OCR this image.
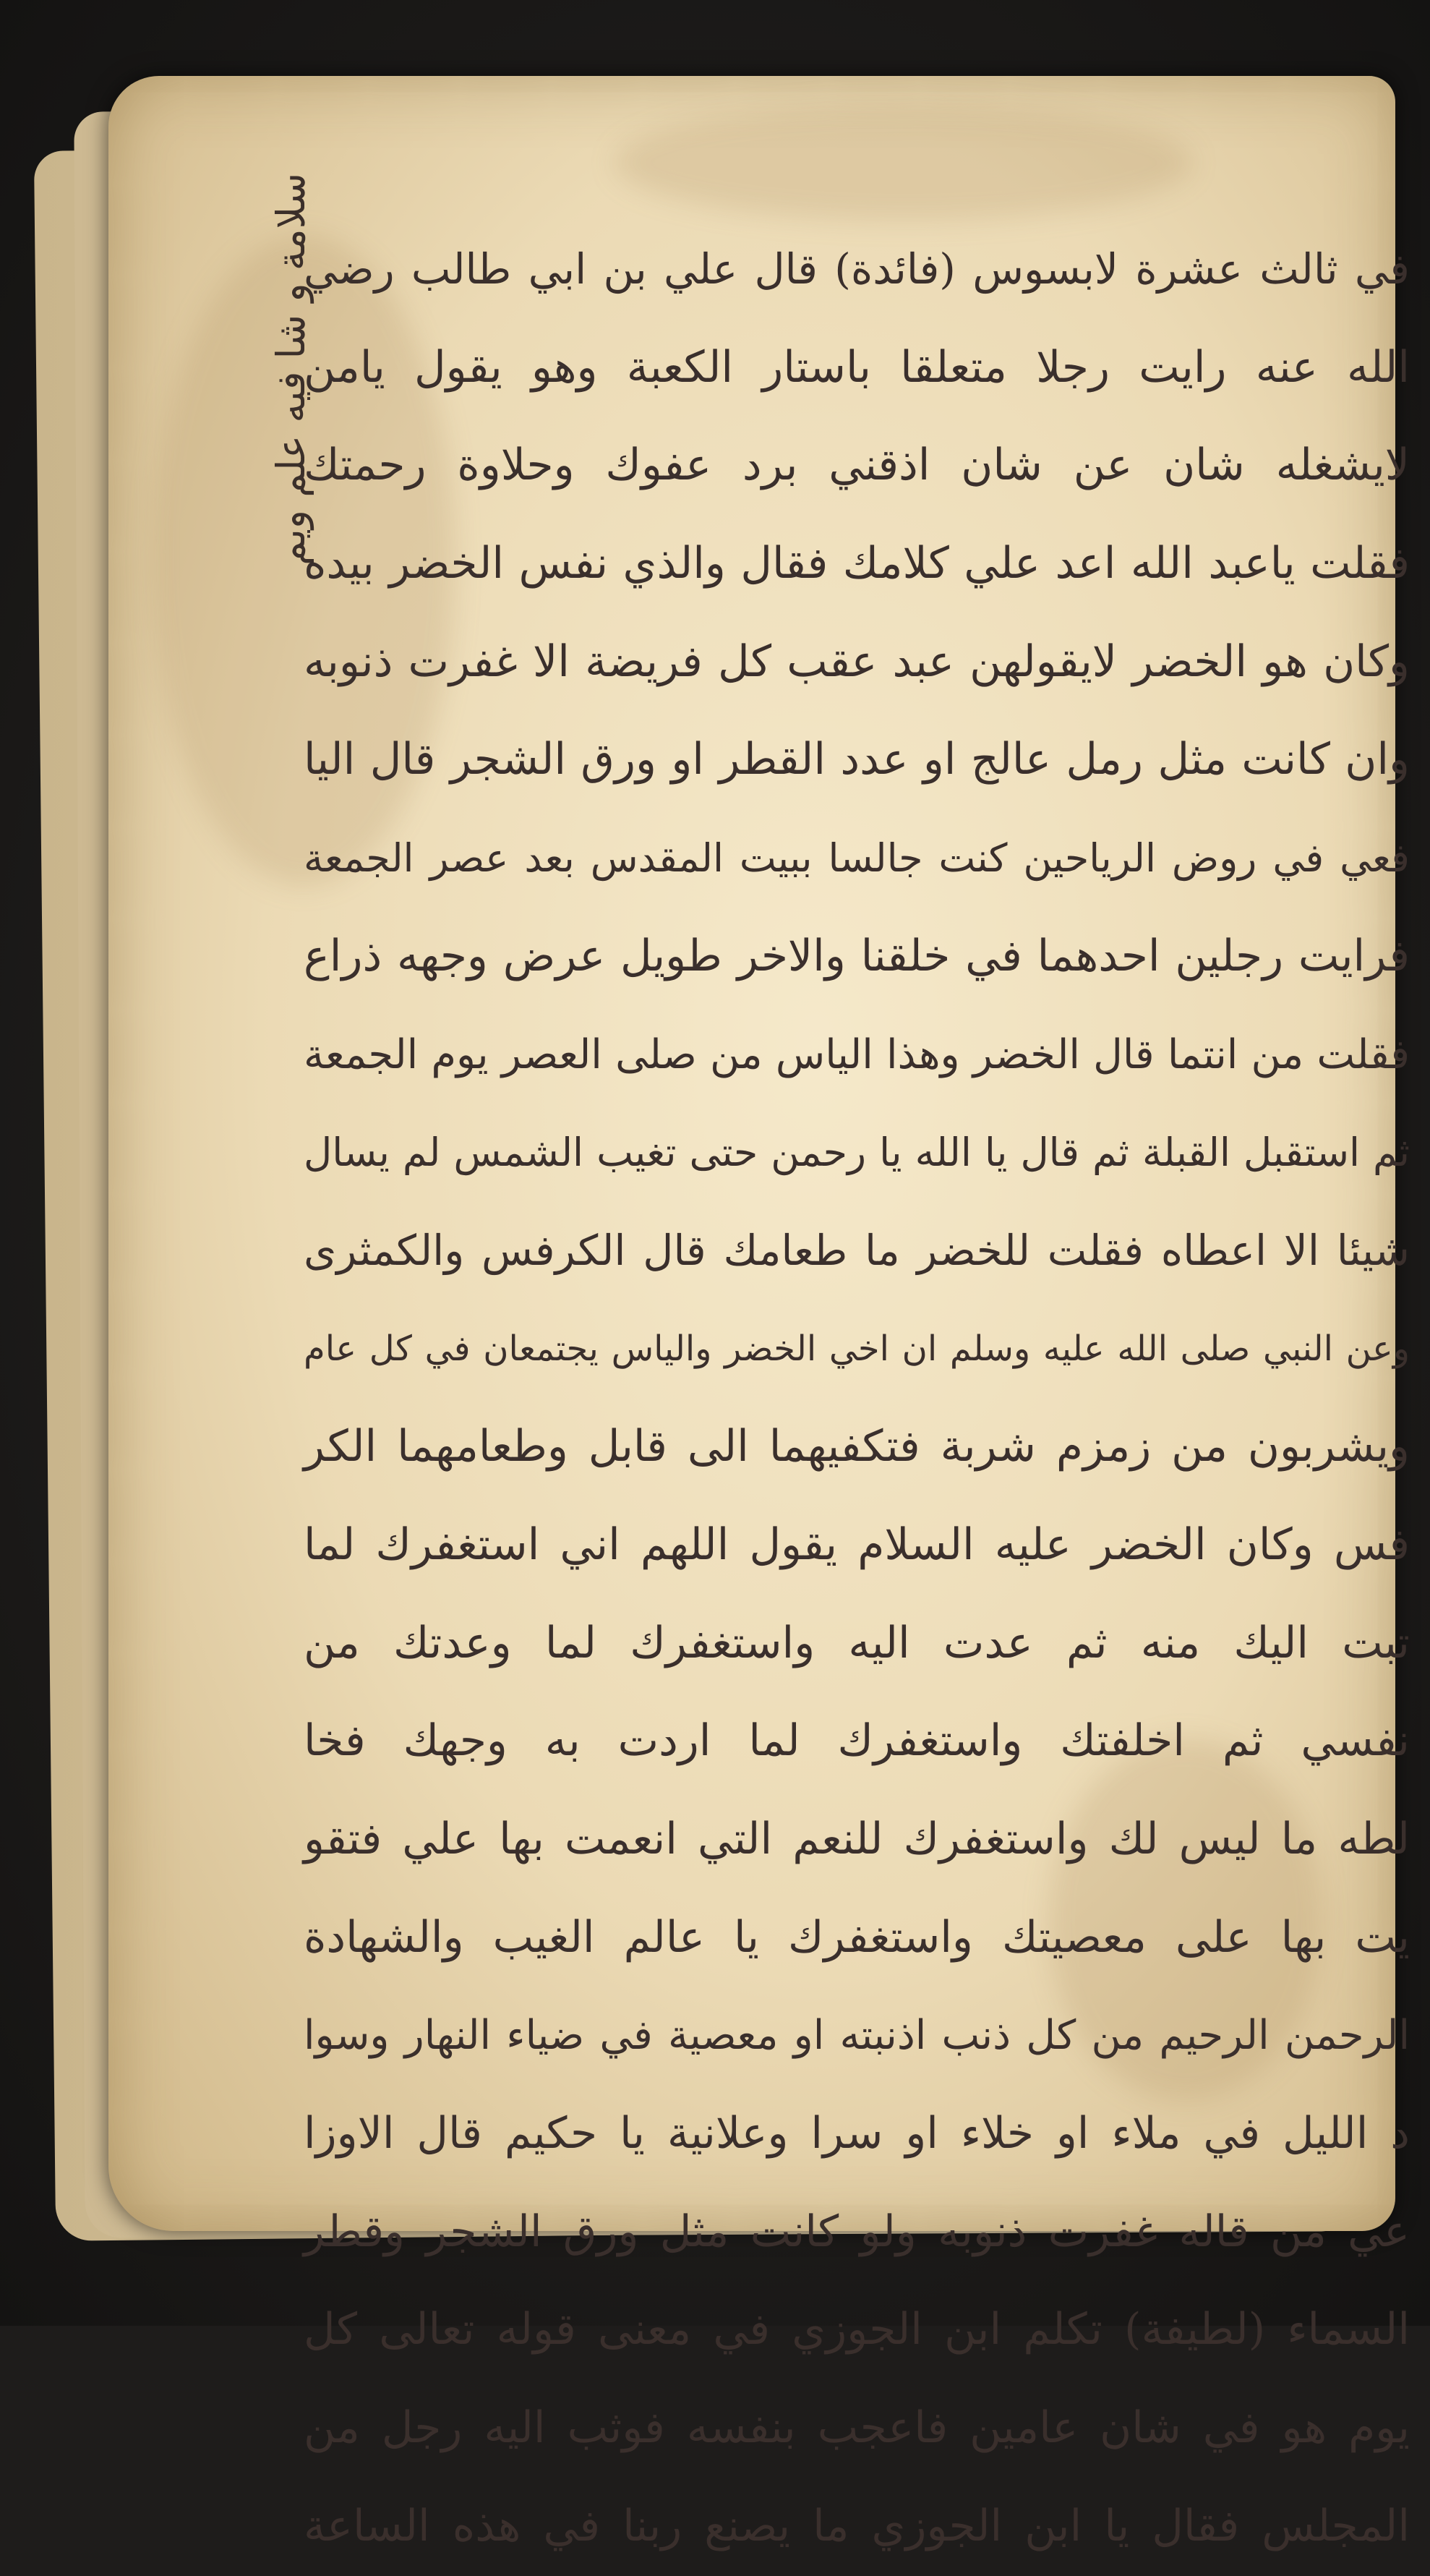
سلامة و شا فيه علم ويم
في ثالث عشرة لابسوس (فائدة) قال علي بن ابي طالب رضي
الله عنه رايت رجلا متعلقا باستار الكعبة وهو يقول يامن
لايشغله شان عن شان اذقني برد عفوك وحلاوة رحمتك
فقلت ياعبد الله اعد علي كلامك فقال والذي نفس الخضر بيده
وكان هو الخضر لايقولهن عبد عقب كل فريضة الا غفرت ذنوبه
وان كانت مثل رمل عالج او عدد القطر او ورق الشجر قال اليا
فعي في روض الرياحين كنت جالسا ببيت المقدس بعد عصر الجمعة
فرايت رجلين احدهما في خلقنا والاخر طويل عرض وجهه ذراع
فقلت من انتما قال الخضر وهذا الياس من صلى العصر يوم الجمعة
ثم استقبل القبلة ثم قال يا الله يا رحمن حتى تغيب الشمس لم يسال
شيئا الا اعطاه فقلت للخضر ما طعامك قال الكرفس والكمثرى
وعن النبي صلى الله عليه وسلم ان اخي الخضر والياس يجتمعان في كل عام
ويشربون من زمزم شربة فتكفيهما الى قابل وطعامهما الكر
فس وكان الخضر عليه السلام يقول اللهم اني استغفرك لما
تبت اليك منه ثم عدت اليه واستغفرك لما وعدتك من
نفسي ثم اخلفتك واستغفرك لما اردت به وجهك فخا
لطه ما ليس لك واستغفرك للنعم التي انعمت بها علي فتقو
يت بها على معصيتك واستغفرك يا عالم الغيب والشهادة
الرحمن الرحيم من كل ذنب اذنبته او معصية في ضياء النهار وسوا
د الليل في ملاء او خلاء او سرا وعلانية يا حكيم قال الاوزا
عي من قاله غفرت ذنوبه ولو كانت مثل ورق الشجر وقطر
السماء (لطيفة) تكلم ابن الجوزي في معنى قوله تعالى كل
يوم هو في شان عامين فاعجب بنفسه فوثب اليه رجل من
المجلس فقال يا ابن الجوزي ما يصنع ربنا في هذه الساعة
